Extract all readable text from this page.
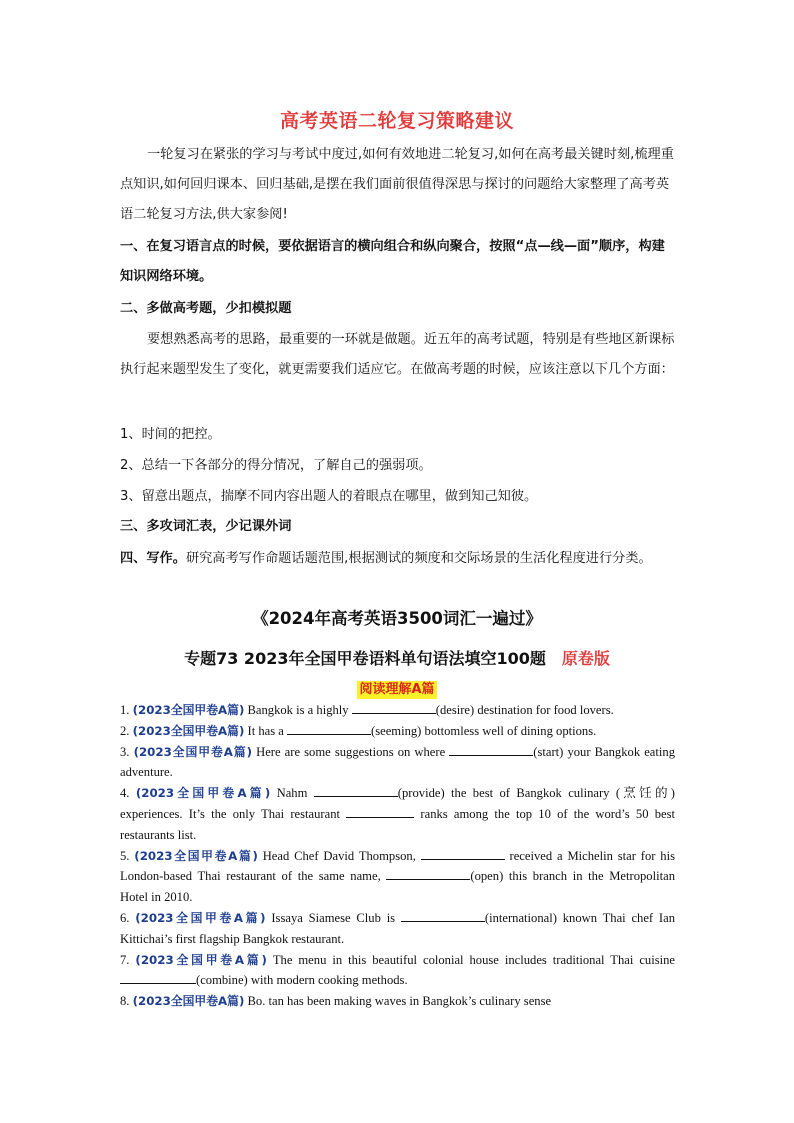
高考英语二轮复习策略建议

一轮复习在紧张的学习与考试中度过,如何有效地进二轮复习,如何在高考最关键时刻,梳理重点知识,如何回归课本、回归基础,是摆在我们面前很值得深思与探讨的问题给大家整理了高考英语二轮复习方法,供大家参阅!

一、在复习语言点的时候，要依据语言的横向组合和纵向聚合，按照“点—线—面”顺序，构建知识网络环境。

二、多做高考题，少扣模拟题

要想熟悉高考的思路，最重要的一环就是做题。近五年的高考试题，特别是有些地区新课标执行起来题型发生了变化，就更需要我们适应它。在做高考题的时候，应该注意以下几个方面：

1、时间的把控。

2、总结一下各部分的得分情况，了解自己的强弱项。

3、留意出题点，揣摩不同内容出题人的着眼点在哪里，做到知己知彼。

三、多攻词汇表，少记课外词

四、写作。研究高考写作命题话题范围,根据测试的频度和交际场景的生活化程度进行分类。

《2024年高考英语3500词汇一遍过》
专题73 2023年全国甲卷语料单句语法填空100题 原卷版
阅读理解A篇

1. (2023全国甲卷A篇) Bangkok is a highly	(desire) destination for food lovers.

2. (2023全国甲卷A篇) It has a	(seeming) bottomless well of dining options.

3. (2023全国甲卷A篇) Here are some suggestions on where	(start) your Bangkok eating adventure.

4. (2023全国甲卷A篇) Nahm	(provide) the best of Bangkok culinary (烹饪的) experiences. It’s the only Thai restaurant	ranks among the top 10 of the word’s 50 best restaurants list.

5. (2023全国甲卷A篇) Head Chef David Thompson,	received a Michelin star for his London-based Thai restaurant of the same name,	(open) this branch in the Metropolitan Hotel in 2010.

6. (2023全国甲卷A篇) Issaya Siamese Club is	(international) known Thai chef Ian Kittichai’s first flagship Bangkok restaurant.

7. (2023全国甲卷A篇) The menu in this beautiful colonial house includes traditional Thai cuisine (combine) with modern cooking methods.

8. (2023全国甲卷A篇) Bo. tan has been making waves in Bangkok’s culinary sense
